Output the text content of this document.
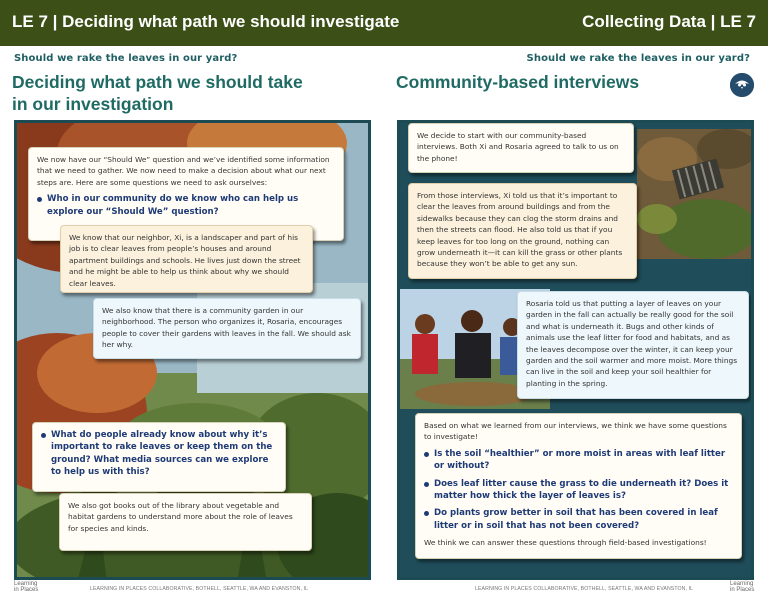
LE 7 | Deciding what path we should investigate	Collecting Data | LE 7
Should we rake the leaves in our yard?	Should we rake the leaves in our yard?
Deciding what path we should take in our investigation
Community-based interviews
We now have our “Should We” question and we’ve identified some information that we need to gather. We now need to make a decision about what our next steps are. Here are some questions we need to ask ourselves:
Who in our community do we know who can help us explore our “Should We” question?
We know that our neighbor, Xi, is a landscaper and part of his job is to clear leaves from people’s houses and around apartment buildings and schools. He lives just down the street and he might be able to help us think about why we should clear leaves.
We also know that there is a community garden in our neighborhood. The person who organizes it, Rosaria, encourages people to cover their gardens with leaves in the fall. We should ask her why.
What do people already know about why it’s important to rake leaves or keep them on the ground? What media sources can we explore to help us with this?
We also got books out of the library about vegetable and habitat gardens to understand more about the role of leaves for species and kinds.
We decide to start with our community-based interviews. Both Xi and Rosaria agreed to talk to us on the phone!
From those interviews, Xi told us that it’s important to clear the leaves from around buildings and from the sidewalks because they can clog the storm drains and then the streets can flood. He also told us that if you keep leaves for too long on the ground, nothing can grow underneath it—it can kill the grass or other plants because they won’t be able to get any sun.
Rosaria told us that putting a layer of leaves on your garden in the fall can actually be really good for the soil and what is underneath it. Bugs and other kinds of animals use the leaf litter for food and habitats, and as the leaves decompose over the winter, it can keep your garden and the soil warmer and more moist. More things can live in the soil and keep your soil healthier for planting in the spring.
Based on what we learned from our interviews, we think we have some questions to investigate!
Is the soil “healthier” or more moist in areas with leaf litter or without?
Does leaf litter cause the grass to die underneath it? Does it matter how thick the layer of leaves is?
Do plants grow better in soil that has been covered in leaf litter or in soil that has not been covered?
We think we can answer these questions through field-based investigations!
Learning
in Places	LEARNING IN PLACES COLLABORATIVE, BOTHELL, SEATTLE, WA AND EVANSTON, IL	LEARNING IN PLACES COLLABORATIVE, BOTHELL, SEATTLE, WA AND EVANSTON, IL
Learning
in Places
